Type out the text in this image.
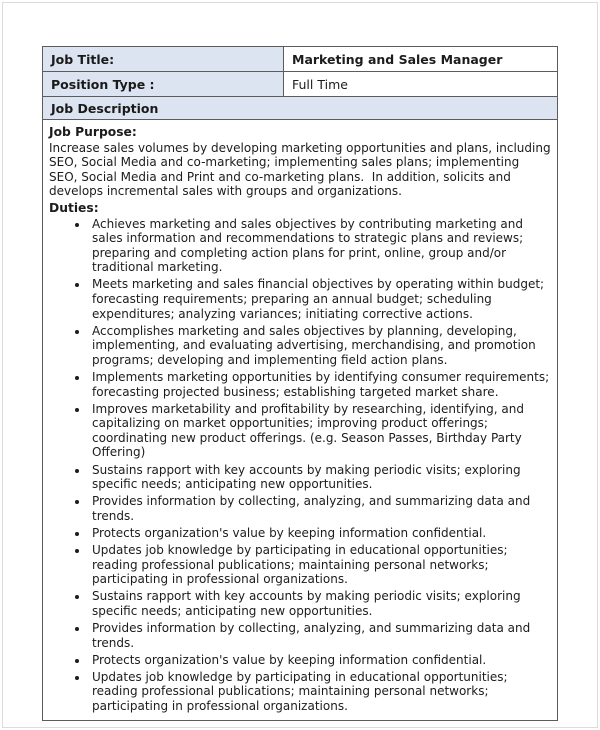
Job Title:	Marketing and Sales Manager
Position Type :	Full Time
Job Description
Job Purpose:

Increase sales volumes by developing marketing opportunities and plans, including SEO, Social Media and co-marketing; implementing sales plans; implementing SEO, Social Media and Print and co-marketing plans.  In addition, solicits and develops incremental sales with groups and organizations.

Duties:
• Achieves marketing and sales objectives by contributing marketing and sales information and recommendations to strategic plans and reviews; preparing and completing action plans for print, online, group and/or traditional marketing.
• Meets marketing and sales financial objectives by operating within budget; forecasting requirements; preparing an annual budget; scheduling expenditures; analyzing variances; initiating corrective actions.
• Accomplishes marketing and sales objectives by planning, developing, implementing, and evaluating advertising, merchandising, and promotion programs; developing and implementing field action plans.
• Implements marketing opportunities by identifying consumer requirements; forecasting projected business; establishing targeted market share.
• Improves marketability and profitability by researching, identifying, and capitalizing on market opportunities; improving product offerings; coordinating new product offerings. (e.g. Season Passes, Birthday Party Offering)
• Sustains rapport with key accounts by making periodic visits; exploring specific needs; anticipating new opportunities.
• Provides information by collecting, analyzing, and summarizing data and trends.
• Protects organization's value by keeping information confidential.
• Updates job knowledge by participating in educational opportunities; reading professional publications; maintaining personal networks; participating in professional organizations.
• Sustains rapport with key accounts by making periodic visits; exploring specific needs; anticipating new opportunities.
• Provides information by collecting, analyzing, and summarizing data and trends.
• Protects organization's value by keeping information confidential.
• Updates job knowledge by participating in educational opportunities; reading professional publications; maintaining personal networks; participating in professional organizations.
